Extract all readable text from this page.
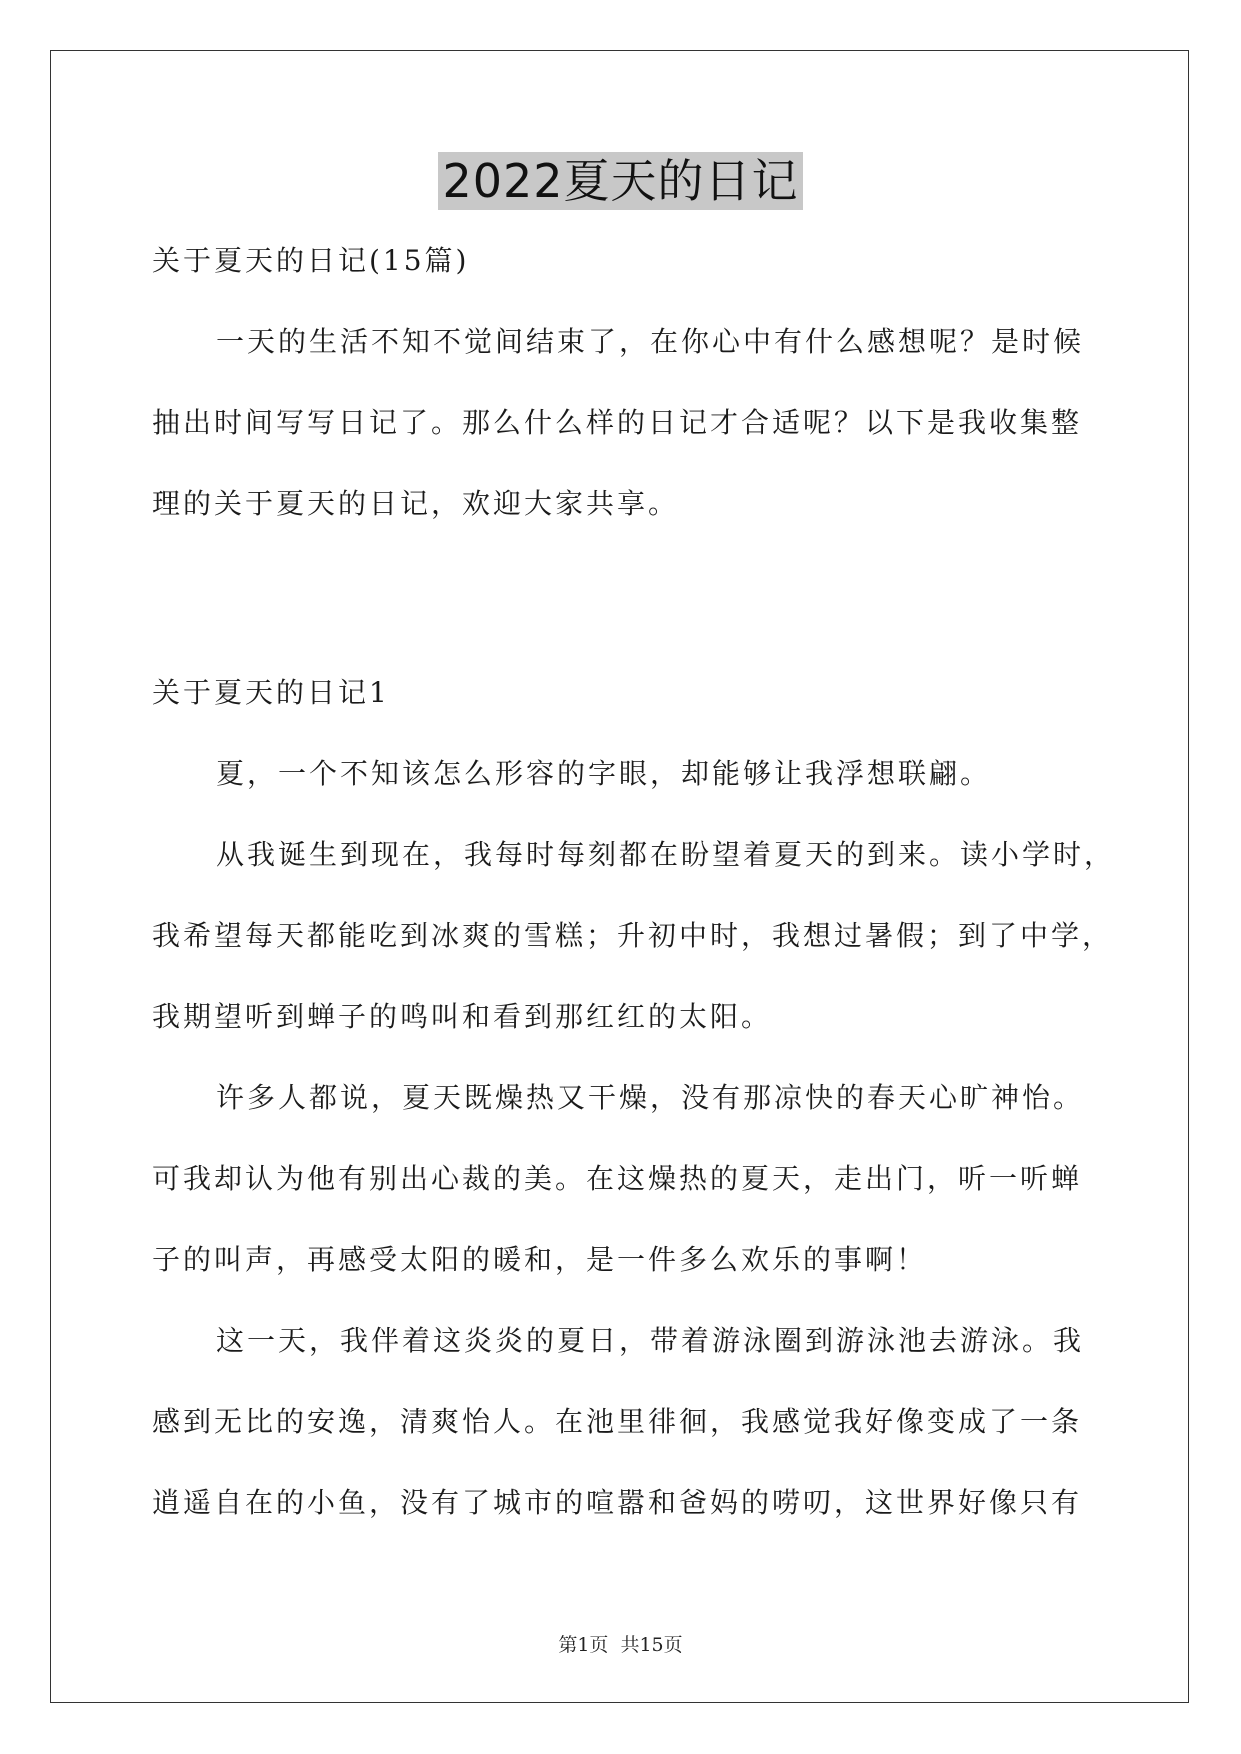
2022夏天的日记
关于夏天的日记(15篇)
一天的生活不知不觉间结束了，在你心中有什么感想呢？是时候
抽出时间写写日记了。那么什么样的日记才合适呢？以下是我收集整
理的关于夏天的日记，欢迎大家共享。
关于夏天的日记1
夏，一个不知该怎么形容的字眼，却能够让我浮想联翩。
从我诞生到现在，我每时每刻都在盼望着夏天的到来。读小学时，
我希望每天都能吃到冰爽的雪糕；升初中时，我想过暑假；到了中学，
我期望听到蝉子的鸣叫和看到那红红的太阳。
许多人都说，夏天既燥热又干燥，没有那凉快的春天心旷神怡。
可我却认为他有别出心裁的美。在这燥热的夏天，走出门，听一听蝉
子的叫声，再感受太阳的暖和，是一件多么欢乐的事啊！
这一天，我伴着这炎炎的夏日，带着游泳圈到游泳池去游泳。我
感到无比的安逸，清爽怡人。在池里徘徊，我感觉我好像变成了一条
逍遥自在的小鱼，没有了城市的喧嚣和爸妈的唠叨，这世界好像只有
第1页 共15页
